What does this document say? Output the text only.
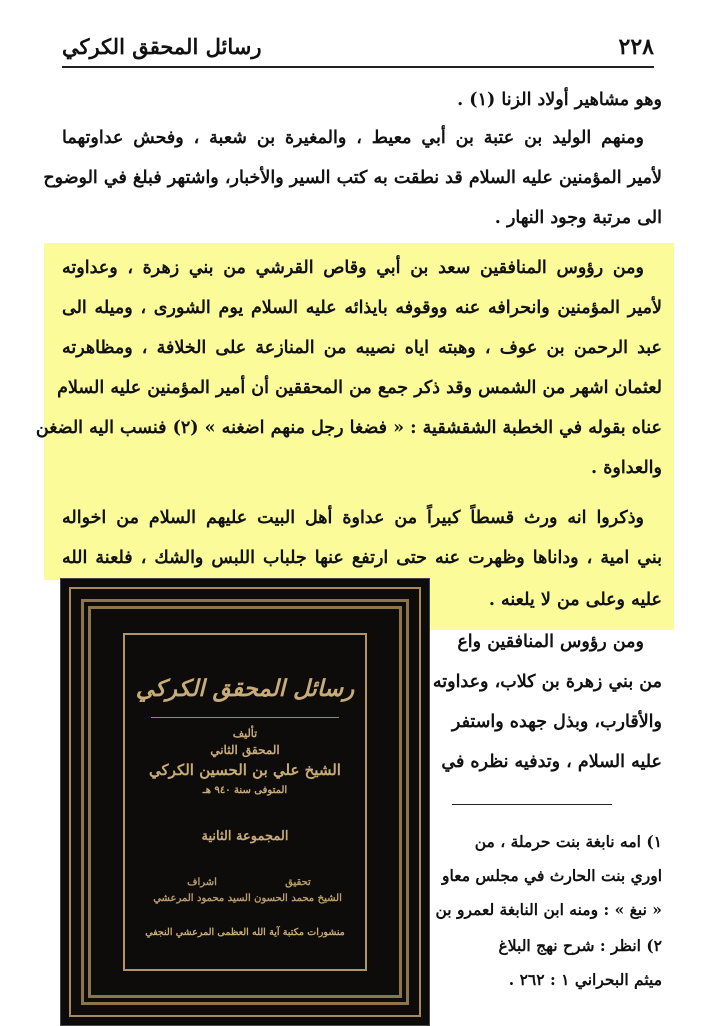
٢٢٨
رسائل المحقق الكركي
وهو مشاهير أولاد الزنا (١) .
ومنهم الوليد بن عتبة بن أبي معيط ، والمغيرة بن شعبة ، وفحش عداوتهما
لأمير المؤمنين عليه السلام قد نطقت به كتب السير والأخبار، واشتهر فبلغ في الوضوح
الى مرتبة وجود النهار .
ومن رؤوس المنافقين سعد بن أبي وقاص القرشي من بني زهرة ، وعداوته
لأمير المؤمنين وانحرافه عنه ووقوفه بايذائه عليه السلام يوم الشورى ، وميله الى
عبد الرحمن بن عوف ، وهبته اياه نصيبه من المنازعة على الخلافة ، ومظاهرته
لعثمان اشهر من الشمس وقد ذكر جمع من المحققين أن أمير المؤمنين عليه السلام
عناه بقوله في الخطبة الشقشقية : « فضغا رجل منهم اضغنه » (٢) فنسب اليه الضغن
والعداوة .
وذكروا انه ورث قسطاً كبيراً من عداوة أهل البيت عليهم السلام من اخواله
بني امية ، وداناها وظهرت عنه حتى ارتفع عنها جلباب اللبس والشك ، فلعنة الله
عليه وعلى من لا يلعنه .
ومن رؤوس المنافقين واع
من بني زهرة بن كلاب، وعداوته
والأقارب، وبذل جهده واستفر
عليه السلام ، وتدفيه نظره في
١) امه نابغة بنت حرملة ، من
اوري بنت الحارث في مجلس معاو
« نبغ » : ومنه ابن النابغة لعمرو بن
٢) انظر : شرح نهج البلاغ
ميثم البحراني ١ : ٢٦٢ .
رسائل المحقق الكركي
تأليف
المحقق الثاني
الشيخ علي بن الحسين الكركي
المتوفى سنة ٩٤٠ هـ
المجموعة الثانية
تحقيق
الشيخ محمد الحسون
اشراف
السيد محمود المرعشي
منشورات مكتبة آية الله العظمى المرعشي النجفي
